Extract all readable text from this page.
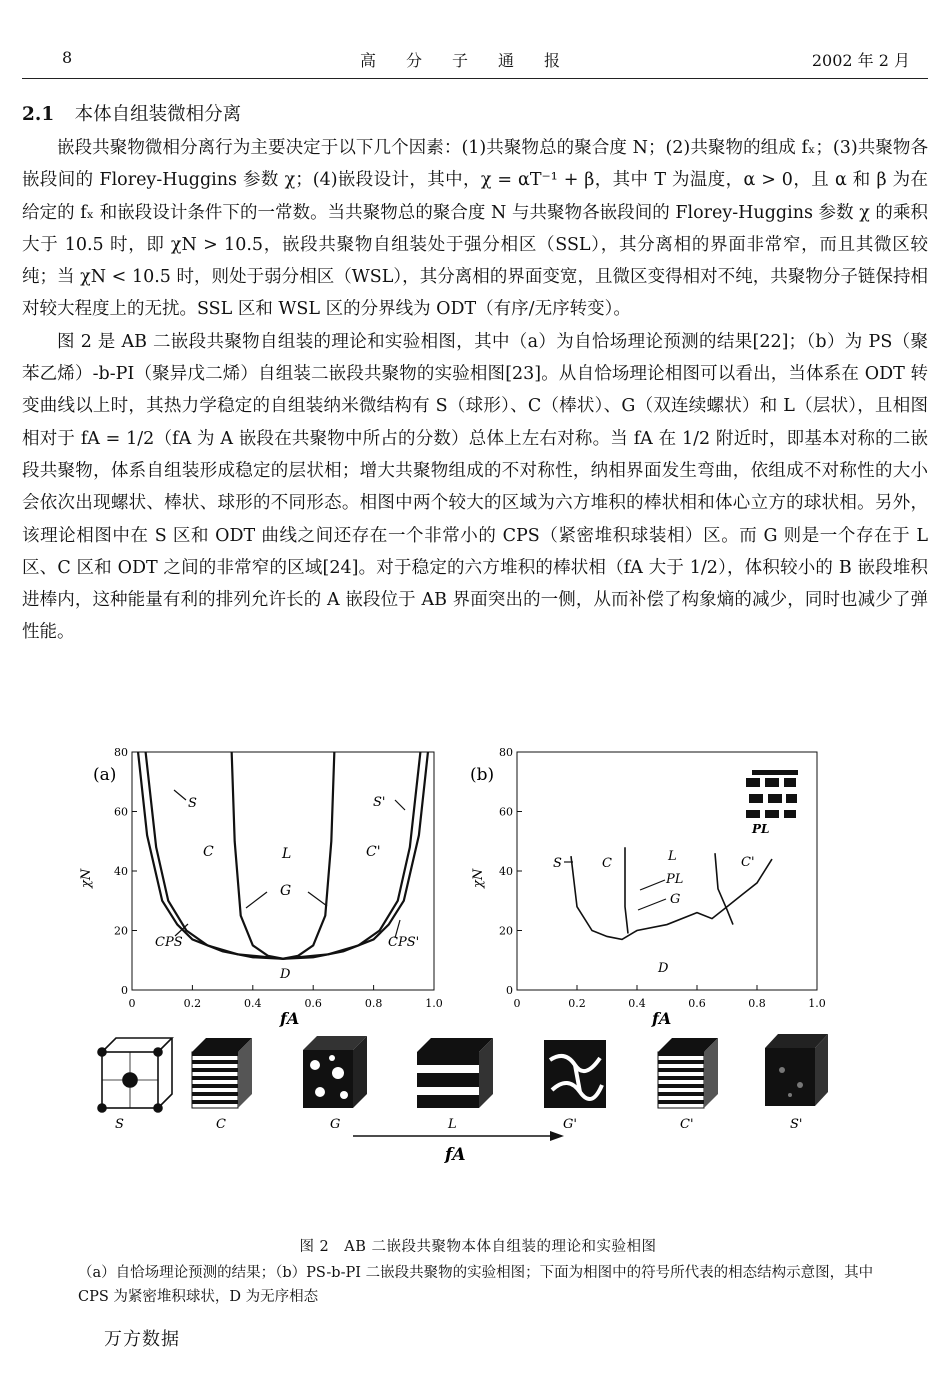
8	高分子通报	2002 年 2 月
2.1 本体自组装微相分离

嵌段共聚物微相分离行为主要决定于以下几个因素：(1)共聚物总的聚合度 N；(2)共聚物的组成 fₓ；(3)共聚物各嵌段间的 Florey-Huggins 参数 χ；(4)嵌段设计，其中，χ = αT⁻¹ + β，其中 T 为温度，α > 0，且 α 和 β 为在给定的 fₓ 和嵌段设计条件下的一常数。当共聚物总的聚合度 N 与共聚物各嵌段间的 Florey-Huggins 参数 χ 的乘积大于 10.5 时，即 χN > 10.5，嵌段共聚物自组装处于强分相区（SSL），其分离相的界面非常窄，而且其微区较纯；当 χN < 10.5 时，则处于弱分相区（WSL），其分离相的界面变宽，且微区变得相对不纯，共聚物分子链保持相对较大程度上的无扰。SSL 区和 WSL 区的分界线为 ODT（有序/无序转变）。

图 2 是 AB 二嵌段共聚物自组装的理论和实验相图，其中（a）为自恰场理论预测的结果[22]；（b）为 PS（聚苯乙烯）-b-PI（聚异戊二烯）自组装二嵌段共聚物的实验相图[23]。从自恰场理论相图可以看出，当体系在 ODT 转变曲线以上时，其热力学稳定的自组装纳米微结构有 S（球形）、C（棒状）、G（双连续螺状）和 L（层状），且相图相对于 fA = 1/2（fA 为 A 嵌段在共聚物中所占的分数）总体上左右对称。当 fA 在 1/2 附近时，即基本对称的二嵌段共聚物，体系自组装形成稳定的层状相；增大共聚物组成的不对称性，纳相界面发生弯曲，依组成不对称性的大小会依次出现螺状、棒状、球形的不同形态。相图中两个较大的区域为六方堆积的棒状相和体心立方的球状相。另外，该理论相图中在 S 区和 ODT 曲线之间还存在一个非常小的 CPS（紧密堆积球装相）区。而 G 则是一个存在于 L 区、C 区和 ODT 之间的非常窄的区域[24]。对于稳定的六方堆积的棒状相（fA 大于 1/2），体积较小的 B 嵌段堆积进棒内，这种能量有利的排列允许长的 A 嵌段位于 AB 界面突出的一侧，从而补偿了构象熵的减少，同时也减少了弹性能。

(a)
χN
fA
0	0.2	0.4	0.6	0.8	1.0
0
20
40
60
80
S
C	L	C'
S'
G
CPS	CPS'
D
(b)
χN
fA
0	0.2	0.4	0.6	0.8	1.0
0
20
40
60
80
S	C	L
PL
G
C'
D
PL
S	C	G	L	G'	C'	S'
fA
图 2　AB 二嵌段共聚物本体自组装的理论和实验相图
（a）自恰场理论预测的结果；（b）PS-b-PI 二嵌段共聚物的实验相图；下面为相图中的符号所代表的相态结构示意图，其中 CPS 为紧密堆积球状，D 为无序相态
万方数据
